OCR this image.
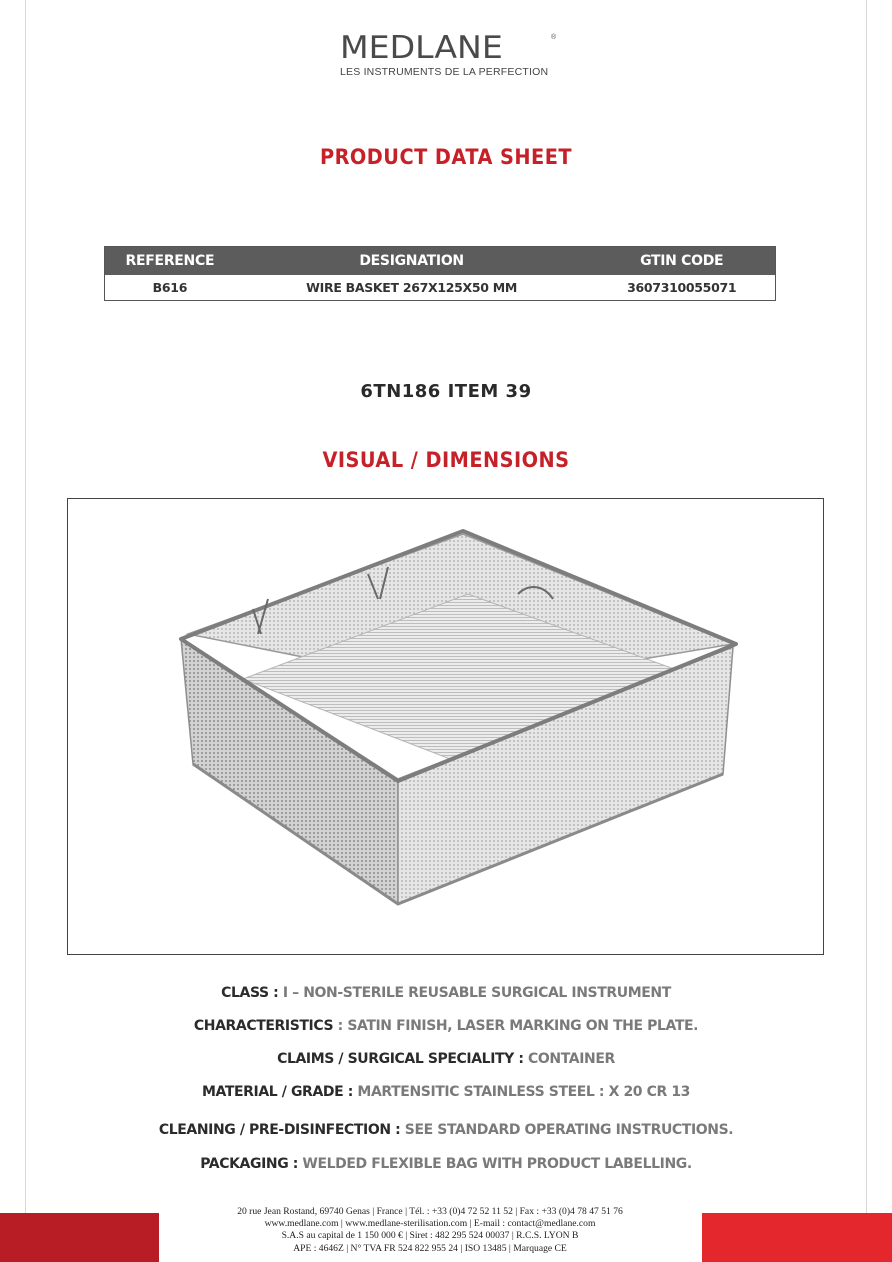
MEDLANE	®
LES INSTRUMENTS DE LA PERFECTION
PRODUCT DATA SHEET
REFERENCE	DESIGNATION	GTIN CODE
B616	WIRE BASKET 267X125X50 MM	3607310055071
6TN186 ITEM 39
VISUAL / DIMENSIONS
CLASS : I – NON-STERILE REUSABLE SURGICAL INSTRUMENT
CHARACTERISTICS : SATIN FINISH, LASER MARKING ON THE PLATE.
CLAIMS / SURGICAL SPECIALITY : CONTAINER
MATERIAL / GRADE : MARTENSITIC STAINLESS STEEL : X 20 CR 13
CLEANING / PRE-DISINFECTION : SEE STANDARD OPERATING INSTRUCTIONS.
PACKAGING : WELDED FLEXIBLE BAG WITH PRODUCT LABELLING.
20 rue Jean Rostand, 69740 Genas | France | Tél. : +33 (0)4 72 52 11 52 | Fax : +33 (0)4 78 47 51 76
www.medlane.com | www.medlane-sterilisation.com | E-mail : contact@medlane.com
S.A.S au capital de 1 150 000 € | Siret : 482 295 524 00037 | R.C.S. LYON B
APE : 4646Z | N° TVA FR 524 822 955 24 | ISO 13485 | Marquage CE
